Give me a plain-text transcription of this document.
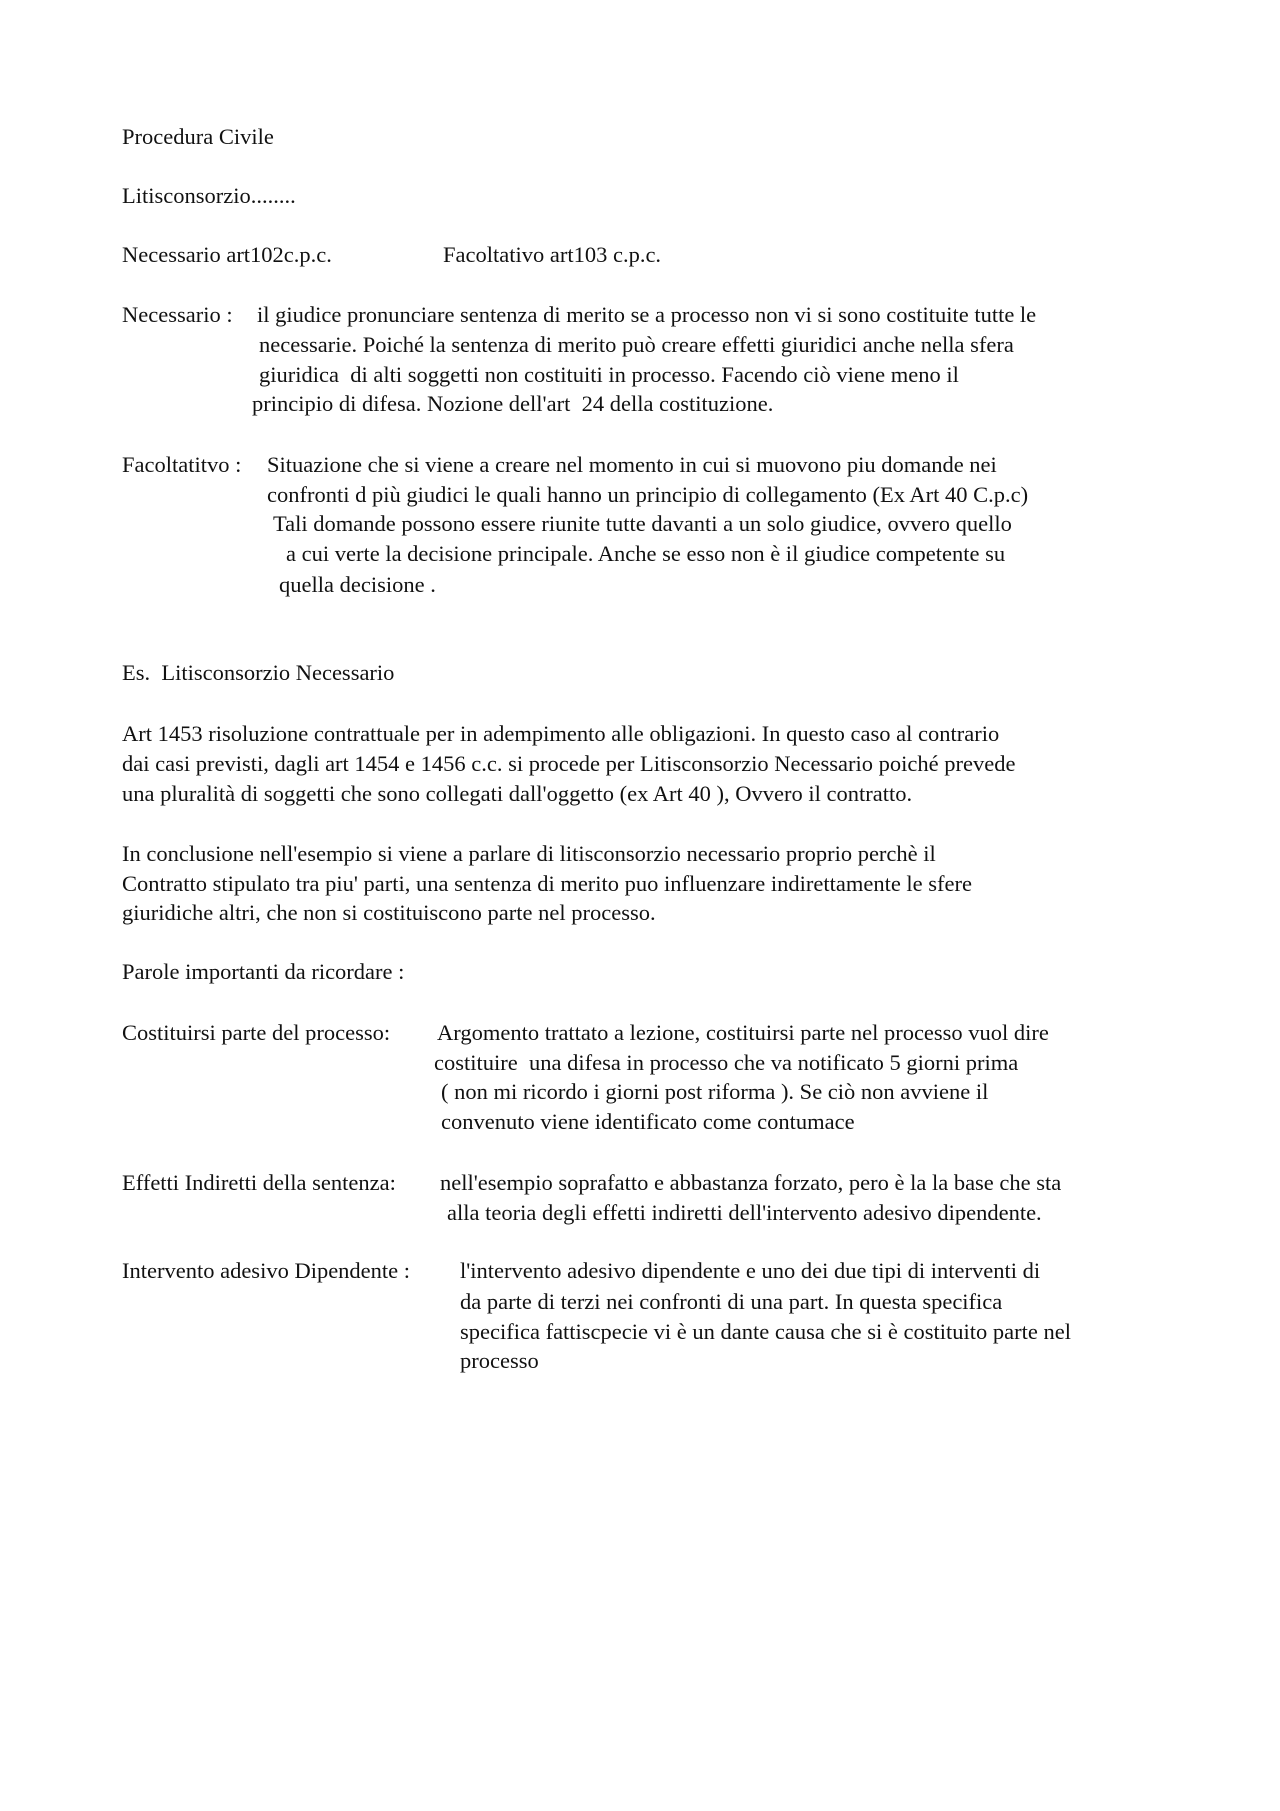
Procedura Civile
Litisconsorzio........
Necessario art102c.p.c.	Facoltativo art103 c.p.c.
Necessario : il giudice pronunciare sentenza di merito se a processo non vi si sono costituite tutte le
necessarie. Poiché la sentenza di merito può creare effetti giuridici anche nella sfera
giuridica  di alti soggetti non costituiti in processo. Facendo ciò viene meno il
principio di difesa. Nozione dell'art  24 della costituzione.
Facoltatitvo : Situazione che si viene a creare nel momento in cui si muovono piu domande nei
confronti d più giudici le quali hanno un principio di collegamento (Ex Art 40 C.p.c)
Tali domande possono essere riunite tutte davanti a un solo giudice, ovvero quello
a cui verte la decisione principale. Anche se esso non è il giudice competente su
quella decisione .
Es.  Litisconsorzio Necessario
Art 1453 risoluzione contrattuale per in adempimento alle obligazioni. In questo caso al contrario
dai casi previsti, dagli art 1454 e 1456 c.c. si procede per Litisconsorzio Necessario poiché prevede
una pluralità di soggetti che sono collegati dall'oggetto (ex Art 40 ), Ovvero il contratto.
In conclusione nell'esempio si viene a parlare di litisconsorzio necessario proprio perchè il
Contratto stipulato tra piu' parti, una sentenza di merito puo influenzare indirettamente le sfere
giuridiche altri, che non si costituiscono parte nel processo.
Parole importanti da ricordare :
Costituirsi parte del processo: Argomento trattato a lezione, costituirsi parte nel processo vuol dire
costituire  una difesa in processo che va notificato 5 giorni prima
( non mi ricordo i giorni post riforma ). Se ciò non avviene il
convenuto viene identificato come contumace
Effetti Indiretti della sentenza: nell'esempio soprafatto e abbastanza forzato, pero è la la base che sta
alla teoria degli effetti indiretti dell'intervento adesivo dipendente.
Intervento adesivo Dipendente : l'intervento adesivo dipendente e uno dei due tipi di interventi di
da parte di terzi nei confronti di una part. In questa specifica
specifica fattiscpecie vi è un dante causa che si è costituito parte nel
processo
